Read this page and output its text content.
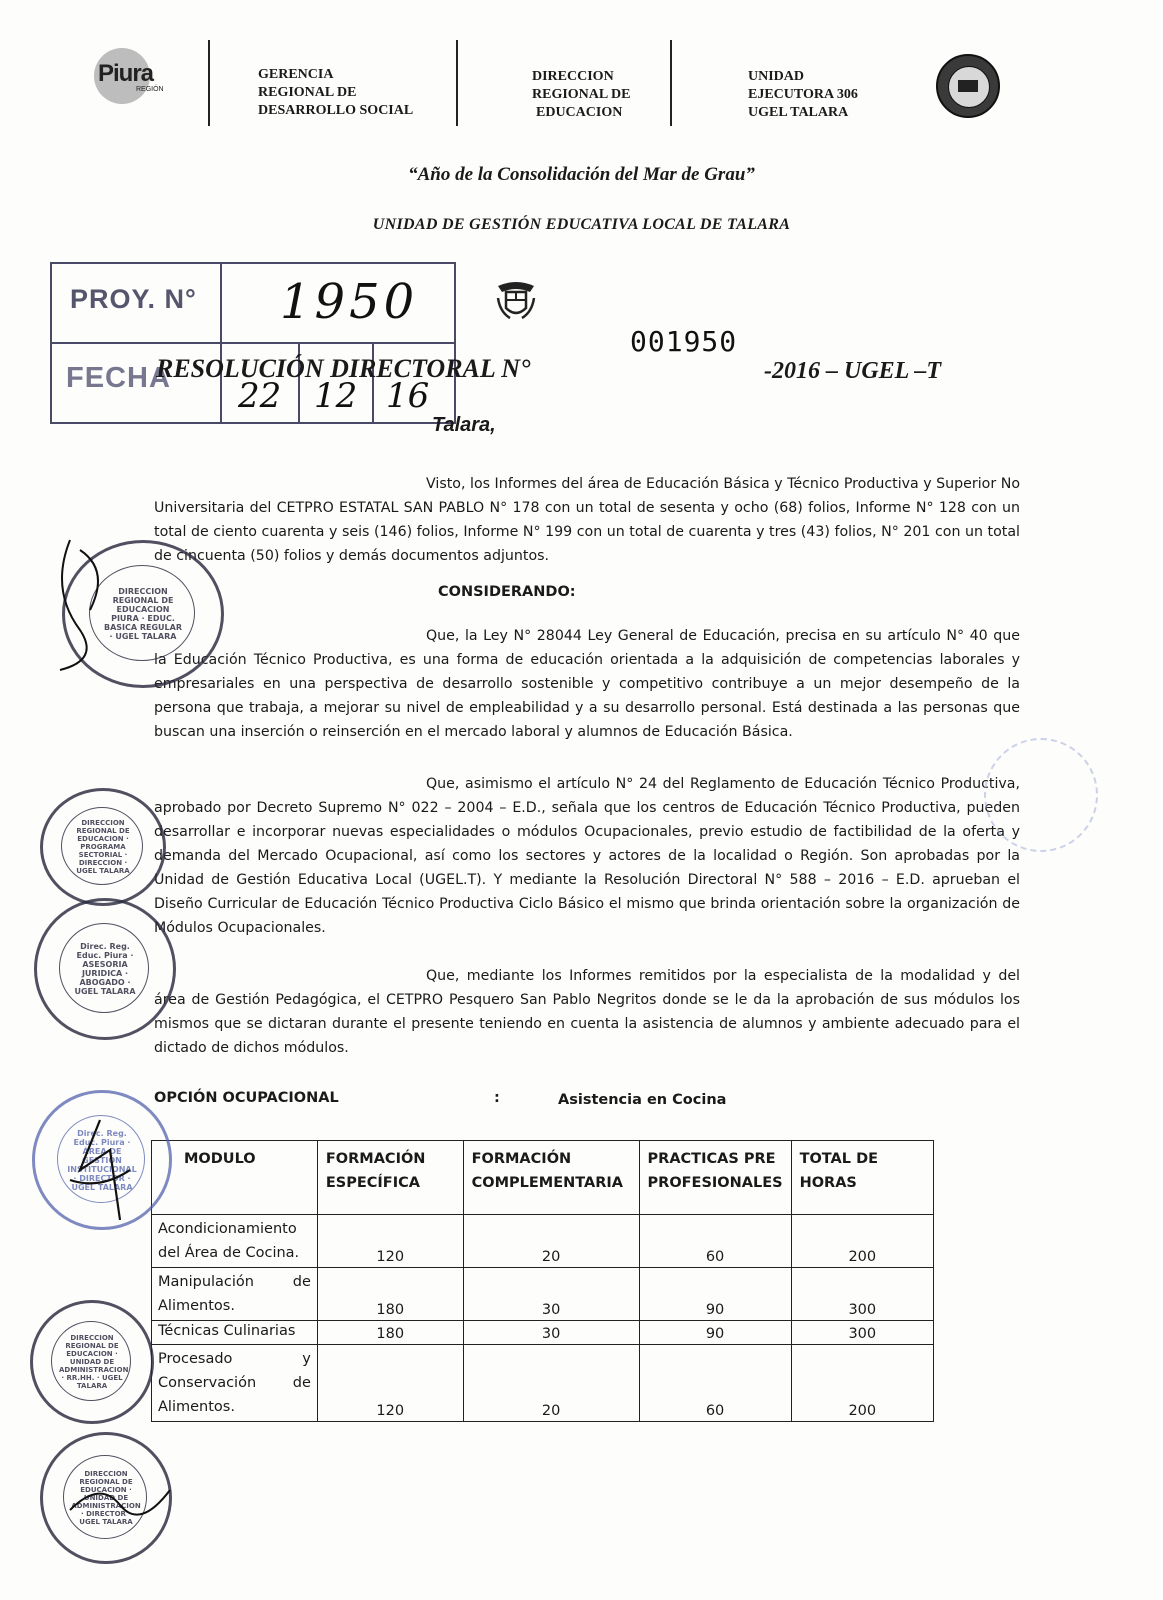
Piura
REGIÓN
GERENCIA
REGIONAL DE
DESARROLLO SOCIAL
DIRECCION
REGIONAL DE
EDUCACION
UNIDAD
EJECUTORA 306
UGEL TALARA
“Año de la Consolidación del Mar de Grau”
UNIDAD DE GESTIÓN EDUCATIVA LOCAL DE TALARA
PROY. N° 1950
FECHA 22 12 16
001950
RESOLUCIÓN DIRECTORAL N°	-2016 – UGEL –T
Talara,
Visto, los Informes del área de Educación Básica y Técnico Productiva y Superior No Universitaria del CETPRO ESTATAL SAN PABLO N° 178 con un total de sesenta y ocho (68) folios, Informe N° 128 con un total de ciento cuarenta y seis (146) folios, Informe N° 199 con un total de cuarenta y tres (43) folios, N° 201 con un total de cincuenta (50) folios y demás documentos adjuntos.
CONSIDERANDO:
Que, la Ley N° 28044 Ley General de Educación, precisa en su artículo N° 40 que la Educación Técnico Productiva, es una forma de educación orientada a la adquisición de competencias laborales y empresariales en una perspectiva de desarrollo sostenible y competitivo contribuye a un mejor desempeño de la persona que trabaja, a mejorar su nivel de empleabilidad y a su desarrollo personal. Está destinada a las personas que buscan una inserción o reinserción en el mercado laboral y alumnos de Educación Básica.
Que, asimismo el artículo N° 24 del Reglamento de Educación Técnico Productiva, aprobado por Decreto Supremo N° 022 – 2004 – E.D., señala que los centros de Educación Técnico Productiva, pueden desarrollar e incorporar nuevas especialidades o módulos Ocupacionales, previo estudio de factibilidad de la oferta y demanda del Mercado Ocupacional, así como los sectores y actores de la localidad o Región. Son aprobadas por la Unidad de Gestión Educativa Local (UGEL.T). Y mediante la Resolución Directoral N° 588 – 2016 – E.D. aprueban el Diseño Curricular de Educación Técnico Productiva Ciclo Básico el mismo que brinda orientación sobre la organización de Módulos Ocupacionales.
Que, mediante los Informes remitidos por la especialista de la modalidad y del área de Gestión Pedagógica, el CETPRO Pesquero San Pablo Negritos donde se le da la aprobación de sus módulos los mismos que se dictaran durante el presente teniendo en cuenta la asistencia de alumnos y ambiente adecuado para el dictado de dichos módulos.
OPCIÓN OCUPACIONAL	:	Asistencia en Cocina
MODULO	FORMACIÓN ESPECÍFICA	FORMACIÓN COMPLEMENTARIA	PRACTICAS PRE PROFESIONALES	TOTAL DE HORAS
Acondicionamiento del Área de Cocina.	120	20	60	200
Manipulación de Alimentos.	180	30	90	300
Técnicas Culinarias	180	30	90	300
Procesado y Conservación de Alimentos.	120	20	60	200
DIRECCION REGIONAL DE EDUCACION PIURA · EDUC. BASICA REGULAR · UGEL TALARA
DIRECCION REGIONAL DE EDUCACION · PROGRAMA SECTORIAL · DIRECCION · UGEL TALARA
Direc. Reg. Educ. Piura · ASESORIA JURIDICA · ABOGADO · UGEL TALARA
Direc. Reg. Educ. Piura · ÁREA DE GESTIÓN INSTITUCIONAL · DIRECTOR · UGEL TALARA
DIRECCION REGIONAL DE EDUCACION · UNIDAD DE ADMINISTRACION · RR.HH. · UGEL TALARA
DIRECCION REGIONAL DE EDUCACION · UNIDAD DE ADMINISTRACION · DIRECTOR · UGEL TALARA
